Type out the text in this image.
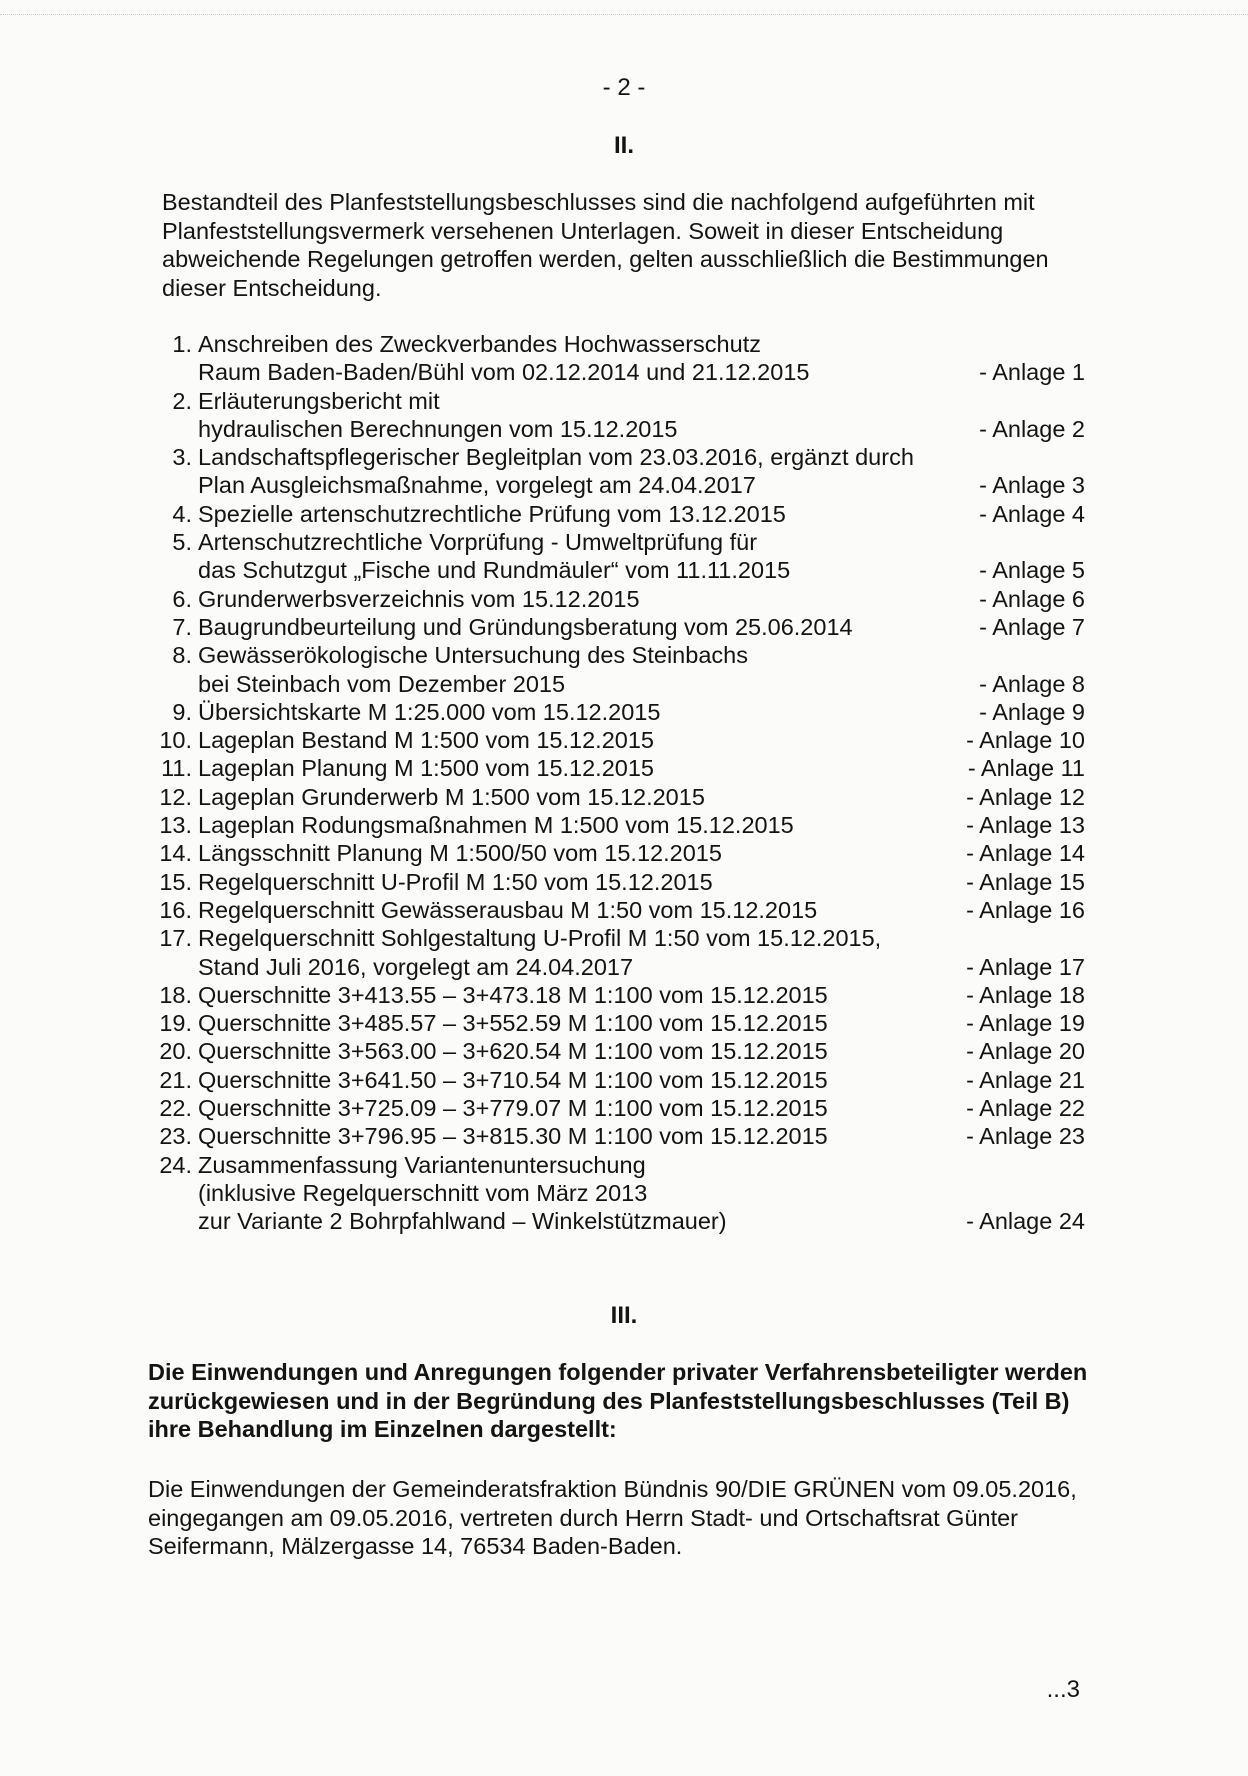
- 2 -
II.

Bestandteil des Planfeststellungsbeschlusses sind die nachfolgend aufgeführten mit Planfeststellungsvermerk versehenen Unterlagen. Soweit in dieser Entscheidung abweichende Regelungen getroffen werden, gelten ausschließlich die Bestimmungen dieser Entscheidung.

1. Anschreiben des Zweckverbandes Hochwasserschutz
Raum Baden-Baden/Bühl vom 02.12.2014 und 21.12.2015	- Anlage 1
2. Erläuterungsbericht mit
hydraulischen Berechnungen vom 15.12.2015	- Anlage 2
3. Landschaftspflegerischer Begleitplan vom 23.03.2016, ergänzt durch
Plan Ausgleichsmaßnahme, vorgelegt am 24.04.2017	- Anlage 3
4. Spezielle artenschutzrechtliche Prüfung vom 13.12.2015	- Anlage 4
5. Artenschutzrechtliche Vorprüfung - Umweltprüfung für
das Schutzgut „Fische und Rundmäuler“ vom 11.11.2015	- Anlage 5
6. Grunderwerbsverzeichnis vom 15.12.2015	- Anlage 6
7. Baugrundbeurteilung und Gründungsberatung vom 25.06.2014	- Anlage 7
8. Gewässerökologische Untersuchung des Steinbachs
bei Steinbach vom Dezember 2015	- Anlage 8
9. Übersichtskarte M 1:25.000 vom 15.12.2015	- Anlage 9
10. Lageplan Bestand M 1:500 vom 15.12.2015	- Anlage 10
11. Lageplan Planung M 1:500 vom 15.12.2015	- Anlage 11
12. Lageplan Grunderwerb M 1:500 vom 15.12.2015	- Anlage 12
13. Lageplan Rodungsmaßnahmen M 1:500 vom 15.12.2015	- Anlage 13
14. Längsschnitt Planung M 1:500/50 vom 15.12.2015	- Anlage 14
15. Regelquerschnitt U-Profil M 1:50 vom 15.12.2015	- Anlage 15
16. Regelquerschnitt Gewässerausbau M 1:50 vom 15.12.2015	- Anlage 16
17. Regelquerschnitt Sohlgestaltung U-Profil M 1:50 vom 15.12.2015,
Stand Juli 2016, vorgelegt am 24.04.2017	- Anlage 17
18. Querschnitte 3+413.55 – 3+473.18 M 1:100 vom 15.12.2015	- Anlage 18
19. Querschnitte 3+485.57 – 3+552.59 M 1:100 vom 15.12.2015	- Anlage 19
20. Querschnitte 3+563.00 – 3+620.54 M 1:100 vom 15.12.2015	- Anlage 20
21. Querschnitte 3+641.50 – 3+710.54 M 1:100 vom 15.12.2015	- Anlage 21
22. Querschnitte 3+725.09 – 3+779.07 M 1:100 vom 15.12.2015	- Anlage 22
23. Querschnitte 3+796.95 – 3+815.30 M 1:100 vom 15.12.2015	- Anlage 23
24. Zusammenfassung Variantenuntersuchung
(inklusive Regelquerschnitt vom März 2013
zur Variante 2 Bohrpfahlwand – Winkelstützmauer)	- Anlage 24
III.

Die Einwendungen und Anregungen folgender privater Verfahrensbeteiligter werden zurückgewiesen und in der Begründung des Planfeststellungsbeschlusses (Teil B) ihre Behandlung im Einzelnen dargestellt:

Die Einwendungen der Gemeinderatsfraktion Bündnis 90/DIE GRÜNEN vom 09.05.2016, eingegangen am 09.05.2016, vertreten durch Herrn Stadt- und Ortschaftsrat Günter Seifermann, Mälzergasse 14, 76534 Baden-Baden.

...3
